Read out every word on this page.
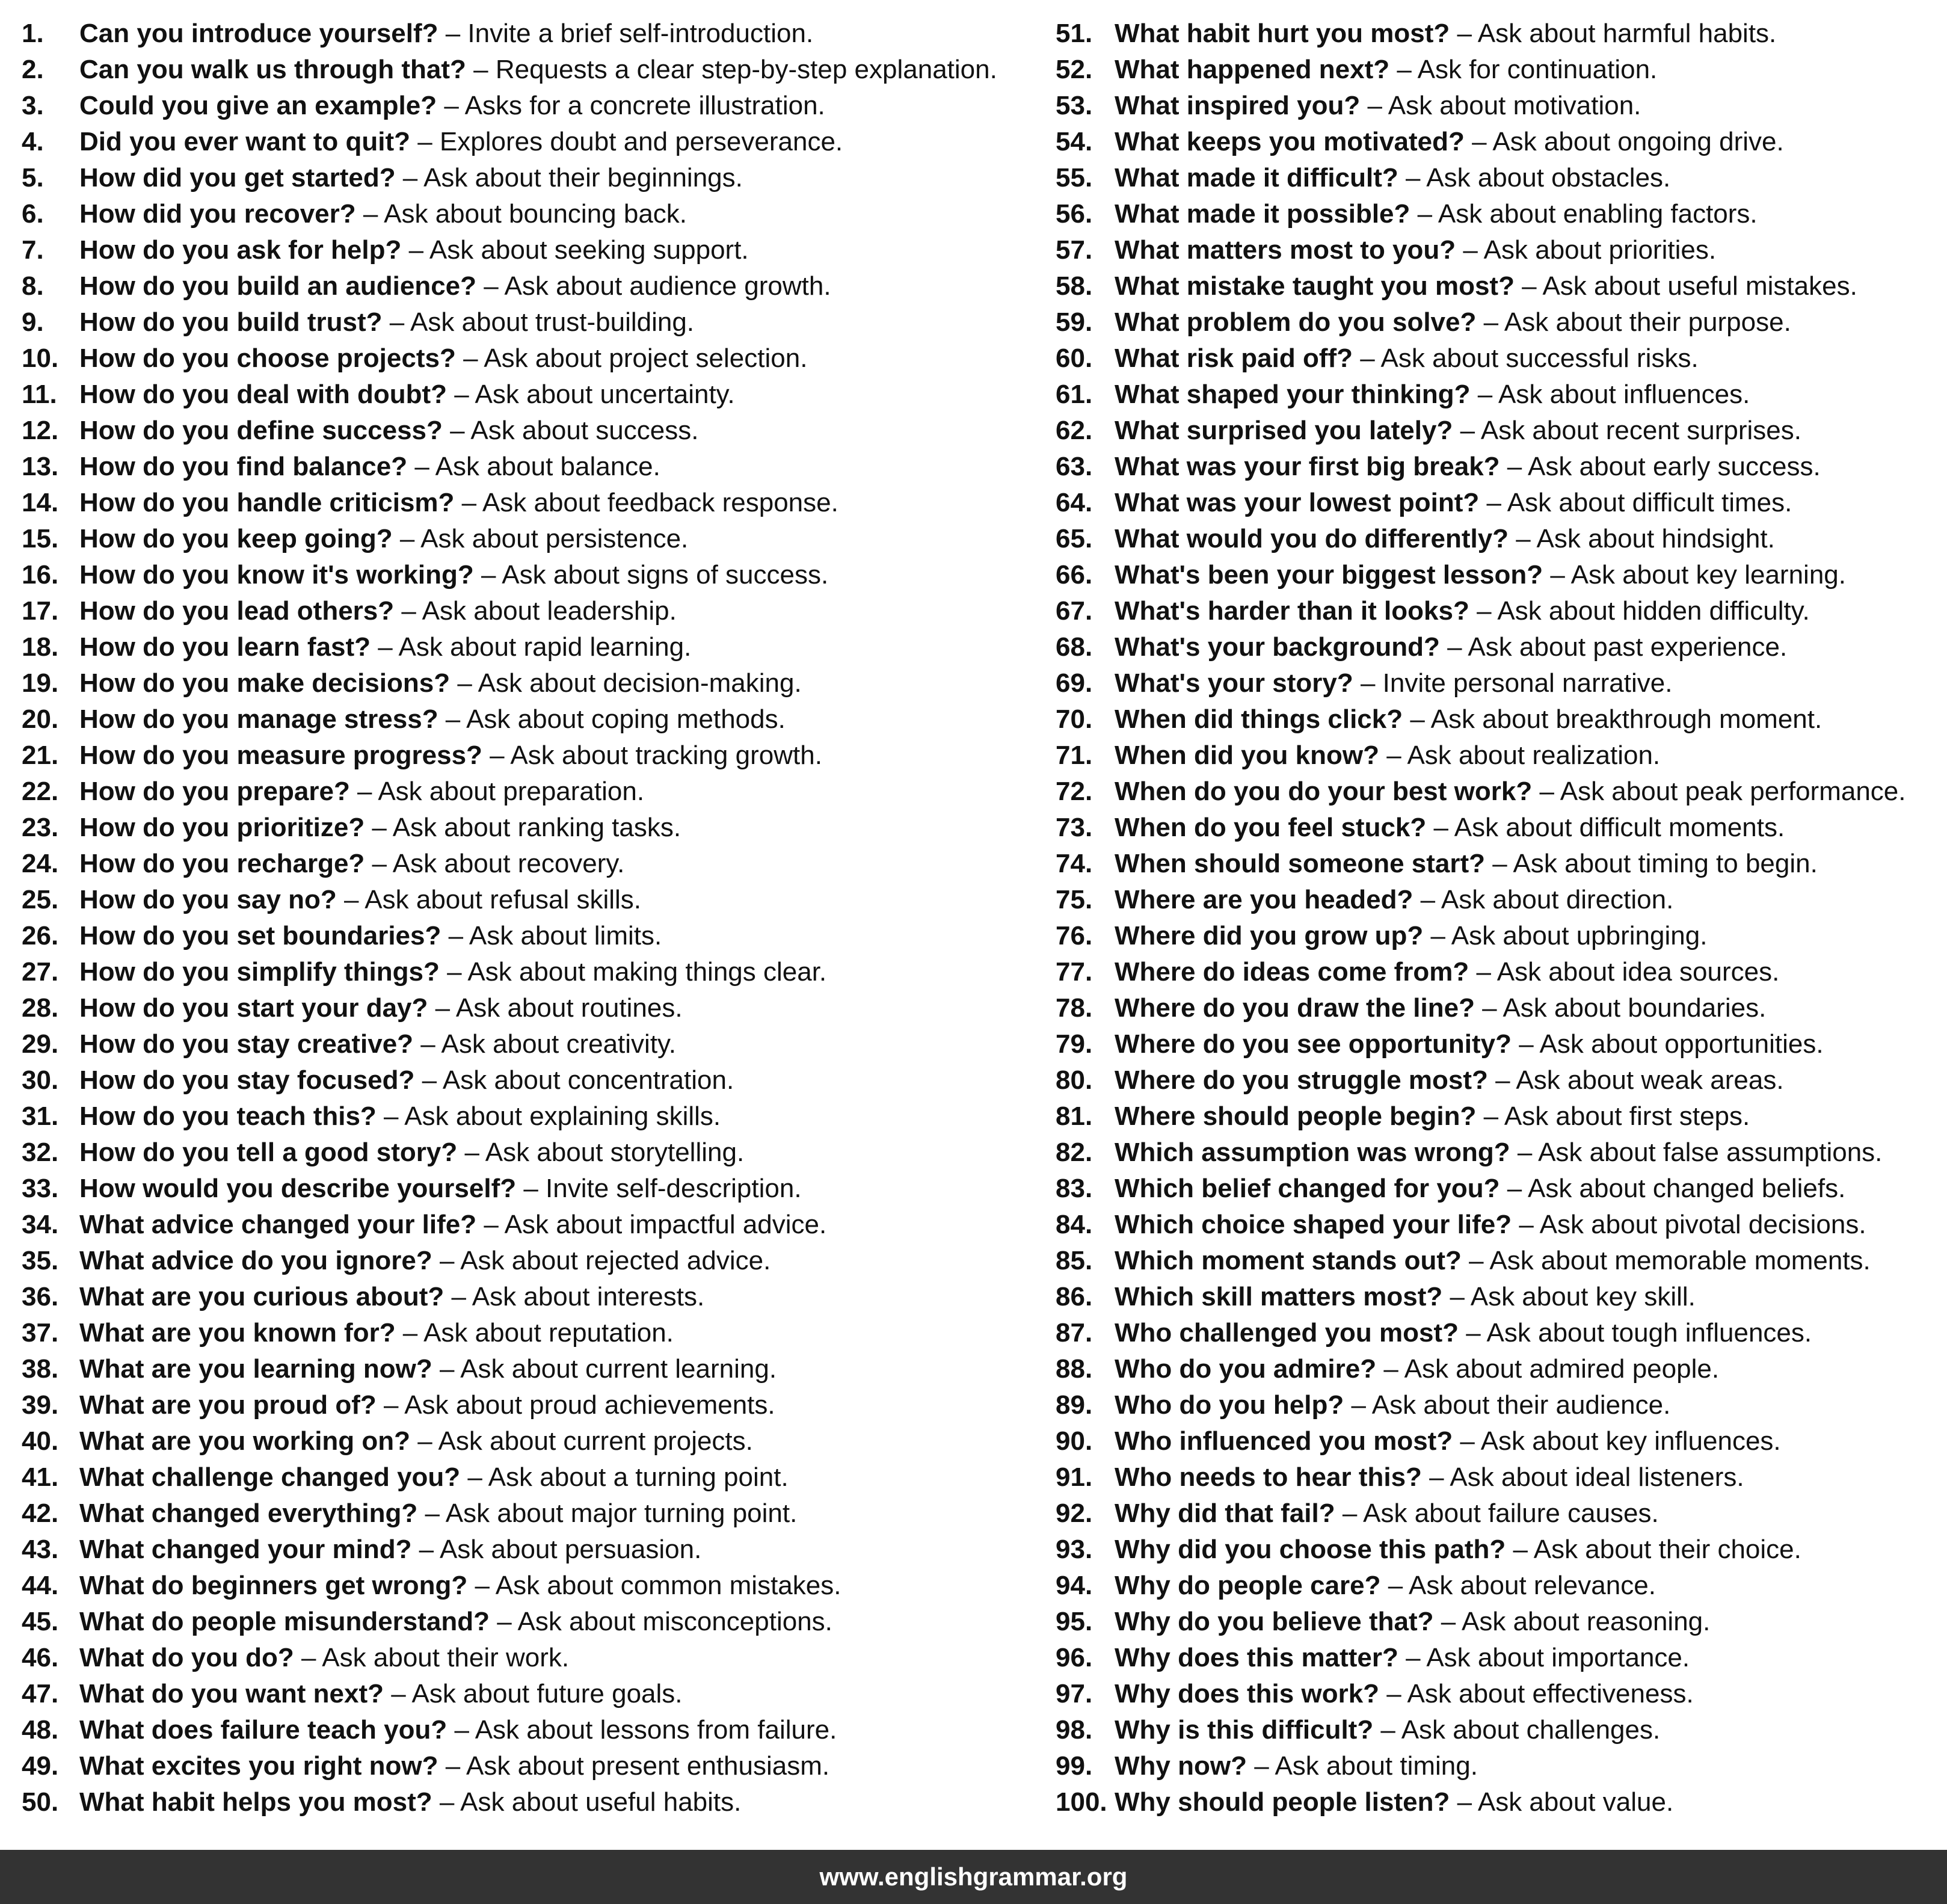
1.	Can you introduce yourself? – Invite a brief self-introduction.
2.	Can you walk us through that? – Requests a clear step-by-step explanation.
3.	Could you give an example? – Asks for a concrete illustration.
4.	Did you ever want to quit? – Explores doubt and perseverance.
5.	How did you get started? – Ask about their beginnings.
6.	How did you recover? – Ask about bouncing back.
7.	How do you ask for help? – Ask about seeking support.
8.	How do you build an audience? – Ask about audience growth.
9.	How do you build trust? – Ask about trust-building.
10. How do you choose projects? – Ask about project selection.
11. How do you deal with doubt? – Ask about uncertainty.
12. How do you define success? – Ask about success.
13. How do you find balance? – Ask about balance.
14. How do you handle criticism? – Ask about feedback response.
15. How do you keep going? – Ask about persistence.
16. How do you know it's working? – Ask about signs of success.
17. How do you lead others? – Ask about leadership.
18. How do you learn fast? – Ask about rapid learning.
19. How do you make decisions? – Ask about decision-making.
20. How do you manage stress? – Ask about coping methods.
21. How do you measure progress? – Ask about tracking growth.
22. How do you prepare? – Ask about preparation.
23. How do you prioritize? – Ask about ranking tasks.
24. How do you recharge? – Ask about recovery.
25. How do you say no? – Ask about refusal skills.
26. How do you set boundaries? – Ask about limits.
27. How do you simplify things? – Ask about making things clear.
28. How do you start your day? – Ask about routines.
29. How do you stay creative? – Ask about creativity.
30. How do you stay focused? – Ask about concentration.
31. How do you teach this? – Ask about explaining skills.
32. How do you tell a good story? – Ask about storytelling.
33. How would you describe yourself? – Invite self-description.
34. What advice changed your life? – Ask about impactful advice.
35. What advice do you ignore? – Ask about rejected advice.
36. What are you curious about? – Ask about interests.
37. What are you known for? – Ask about reputation.
38. What are you learning now? – Ask about current learning.
39. What are you proud of? – Ask about proud achievements.
40. What are you working on? – Ask about current projects.
41. What challenge changed you? – Ask about a turning point.
42. What changed everything? – Ask about major turning point.
43. What changed your mind? – Ask about persuasion.
44. What do beginners get wrong? – Ask about common mistakes.
45. What do people misunderstand? – Ask about misconceptions.
46. What do you do? – Ask about their work.
47. What do you want next? – Ask about future goals.
48. What does failure teach you? – Ask about lessons from failure.
49. What excites you right now? – Ask about present enthusiasm.
50. What habit helps you most? – Ask about useful habits.
51. What habit hurt you most? – Ask about harmful habits.
52. What happened next? – Ask for continuation.
53. What inspired you? – Ask about motivation.
54. What keeps you motivated? – Ask about ongoing drive.
55. What made it difficult? – Ask about obstacles.
56. What made it possible? – Ask about enabling factors.
57. What matters most to you? – Ask about priorities.
58. What mistake taught you most? – Ask about useful mistakes.
59. What problem do you solve? – Ask about their purpose.
60. What risk paid off? – Ask about successful risks.
61. What shaped your thinking? – Ask about influences.
62. What surprised you lately? – Ask about recent surprises.
63. What was your first big break? – Ask about early success.
64. What was your lowest point? – Ask about difficult times.
65. What would you do differently? – Ask about hindsight.
66. What's been your biggest lesson? – Ask about key learning.
67. What's harder than it looks? – Ask about hidden difficulty.
68. What's your background? – Ask about past experience.
69. What's your story? – Invite personal narrative.
70. When did things click? – Ask about breakthrough moment.
71. When did you know? – Ask about realization.
72. When do you do your best work? – Ask about peak performance.
73. When do you feel stuck? – Ask about difficult moments.
74. When should someone start? – Ask about timing to begin.
75. Where are you headed? – Ask about direction.
76. Where did you grow up? – Ask about upbringing.
77. Where do ideas come from? – Ask about idea sources.
78. Where do you draw the line? – Ask about boundaries.
79. Where do you see opportunity? – Ask about opportunities.
80. Where do you struggle most? – Ask about weak areas.
81. Where should people begin? – Ask about first steps.
82. Which assumption was wrong? – Ask about false assumptions.
83. Which belief changed for you? – Ask about changed beliefs.
84. Which choice shaped your life? – Ask about pivotal decisions.
85. Which moment stands out? – Ask about memorable moments.
86. Which skill matters most? – Ask about key skill.
87. Who challenged you most? – Ask about tough influences.
88. Who do you admire? – Ask about admired people.
89. Who do you help? – Ask about their audience.
90. Who influenced you most? – Ask about key influences.
91. Who needs to hear this? – Ask about ideal listeners.
92. Why did that fail? – Ask about failure causes.
93. Why did you choose this path? – Ask about their choice.
94. Why do people care? – Ask about relevance.
95. Why do you believe that? – Ask about reasoning.
96. Why does this matter? – Ask about importance.
97. Why does this work? – Ask about effectiveness.
98. Why is this difficult? – Ask about challenges.
99. Why now? – Ask about timing.
100. Why should people listen? – Ask about value.
www.englishgrammar.org
